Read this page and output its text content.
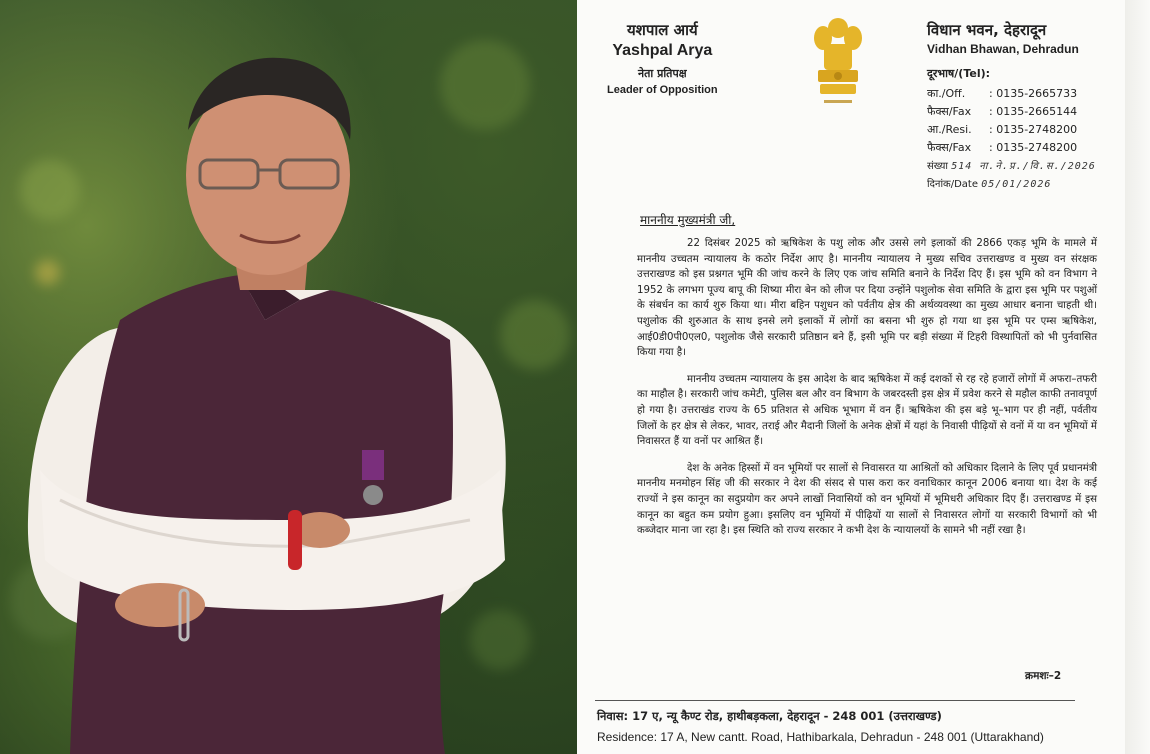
यशपाल आर्य
Yashpal Arya
नेता प्रतिपक्ष
Leader of Opposition
विधान भवन, देहरादून
Vidhan Bhawan, Dehradun
दूरभाष/(Tel):
का./Off.	: 0135-2665733
फैक्स/Fax	: 0135-2665144
आ./Resi.	: 0135-2748200
फैक्स/Fax	: 0135-2748200
संख्या 514 ना.ने.प्र./वि.स./2026
दिनांक/Date 05/01/2026
माननीय मुख्यमंत्री जी,

22 दिसंबर 2025 को ऋषिकेश के पशु लोक और उससे लगे इलाकों की 2866 एकड़ भूमि के मामले में माननीय उच्चतम न्यायालय के कठोर निर्देश आए है। माननीय न्यायालय ने मुख्य सचिव उत्तराखण्ड व मुख्य वन संरक्षक उत्तराखण्ड को इस प्रश्नगत भूमि की जांच करने के लिए एक जांच समिति बनाने के निर्देश दिए हैं। इस भूमि को वन विभाग ने 1952 के लगभग पूज्य बापू की शिष्या मीरा बेन को लीज पर दिया उन्होंने पशुलोक सेवा समिति के द्वारा इस भूमि पर पशुओं के संबर्धन का कार्य शुरु किया था। मीरा बहिन पशुधन को पर्वतीय क्षेत्र की अर्थव्यवस्था का मुख्य आधार बनाना चाहती थी। पशुलोक की शुरुआत के साथ इनसे लगे इलाकों में लोगों का बसना भी शुरु हो गया था इस भूमि पर एम्स ऋषिकेश, आई0डी0पी0एल0, पशुलोक जैसे सरकारी प्रतिष्ठान बने हैं, इसी भूमि पर बड़ी संख्या में टिहरी विस्थापितों को भी पुर्नवासित किया गया है।

माननीय उच्चतम न्यायालय के इस आदेश के बाद ऋषिकेश में कई दशकों से रह रहे हजारों लोगों में अफरा–तफरी का माहौल है। सरकारी जांच कमेटी, पुलिस बल और वन बिभाग के जबरदस्ती इस क्षेत्र में प्रवेश करने से महौल काफी तनावपूर्ण हो गया है। उत्तराखंड राज्य के 65 प्रतिशत से अधिक भूभाग में वन हैं। ऋषिकेश की इस बड़े भू–भाग पर ही नहीं, पर्वतीय जिलों के हर क्षेत्र से लेकर, भावर, तराई और मैदानी जिलों के अनेक क्षेत्रों में यहां के निवासी पीढ़ियों से वनों में या वन भूमियों में निवासरत हैं या वनों पर आश्रित हैं।

देश के अनेक हिस्सों में वन भूमियों पर सालों से निवासरत या आश्रितों को अधिकार दिलाने के लिए पूर्व प्रधानमंत्री माननीय मनमोहन सिंह जी की सरकार ने देश की संसद से पास करा कर वनाधिकार कानून 2006 बनाया था। देश के कई राज्यों ने इस कानून का सदुप्रयोग कर अपने लाखों निवासियों को वन भूमियों में भूमिधरी अधिकार दिए हैं। उत्तराखण्ड में इस कानून का बहुत कम प्रयोग हुआ। इसलिए वन भूमियों में पीढ़ियों या सालों से निवासरत लोगों या सरकारी विभागों को भी कब्जेदार माना जा रहा है। इस स्थिति को राज्य सरकार ने कभी देश के न्यायालयों के सामने भी नहीं रखा है।

क्रमशः–2
निवास: 17 ए, न्यू कैण्ट रोड, हाथीबड़कला, देहरादून - 248 001 (उत्तराखण्ड)
Residence: 17 A, New cantt. Road, Hathibarkala, Dehradun - 248 001 (Uttarakhand)
